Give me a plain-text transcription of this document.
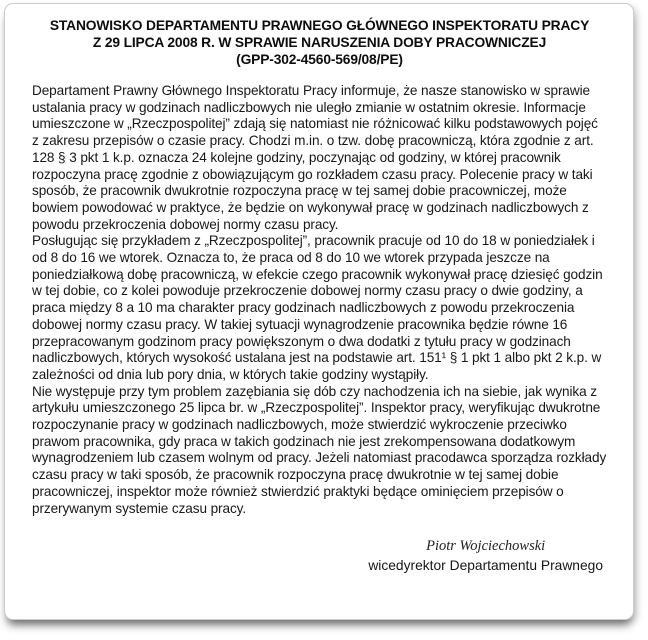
STANOWISKO DEPARTAMENTU PRAWNEGO GŁÓWNEGO INSPEKTORATU PRACY
Z 29 LIPCA 2008 R. W SPRAWIE NARUSZENIA DOBY PRACOWNICZEJ
(GPP-302-4560-569/08/PE)

Departament Prawny Głównego Inspektoratu Pracy informuje, że nasze stanowisko w sprawie ustalania pracy w godzinach nadliczbowych nie uległo zmianie w ostatnim okresie. Informacje umieszczone w „Rzeczpospolitej” zdają się natomiast nie różnicować kilku podstawowych pojęć z zakresu przepisów o czasie pracy. Chodzi m.in. o tzw. dobę pracowniczą, która zgodnie z art. 128 § 3 pkt 1 k.p. oznacza 24 kolejne godziny, poczynając od godziny, w której pracownik rozpoczyna pracę zgodnie z obowiązującym go rozkładem czasu pracy. Polecenie pracy w taki sposób, że pracownik dwukrotnie rozpoczyna pracę w tej samej dobie pracowniczej, może bowiem powodować w praktyce, że będzie on wykonywał pracę w godzinach nadliczbowych z powodu przekroczenia dobowej normy czasu pracy.

Posługując się przykładem z „Rzeczpospolitej”, pracownik pracuje od 10 do 18 w poniedziałek i od 8 do 16 we wtorek. Oznacza to, że praca od 8 do 10 we wtorek przypada jeszcze na poniedziałkową dobę pracowniczą, w efekcie czego pracownik wykonywał pracę dziesięć godzin w tej dobie, co z kolei powoduje przekroczenie dobowej normy czasu pracy o dwie godziny, a praca między 8 a 10 ma charakter pracy godzinach nadliczbowych z powodu przekroczenia dobowej normy czasu pracy. W takiej sytuacji wynagrodzenie pracownika będzie równe 16 przepracowanym godzinom pracy powiększonym o dwa dodatki z tytułu pracy w godzinach nadliczbowych, których wysokość ustalana jest na podstawie art. 151¹ § 1 pkt 1 albo pkt 2 k.p. w zależności od dnia lub pory dnia, w których takie godziny wystąpiły.

Nie występuje przy tym problem zazębiania się dób czy nachodzenia ich na siebie, jak wynika z artykułu umieszczonego 25 lipca br. w „Rzeczpospolitej”. Inspektor pracy, weryfikując dwukrotne rozpoczynanie pracy w godzinach nadliczbowych, może stwierdzić wykroczenie przeciwko prawom pracownika, gdy praca w takich godzinach nie jest zrekompensowana dodatkowym wynagrodzeniem lub czasem wolnym od pracy. Jeżeli natomiast pracodawca sporządza rozkłady czasu pracy w taki sposób, że pracownik rozpoczyna pracę dwukrotnie w tej samej dobie pracowniczej, inspektor może również stwierdzić praktyki będące ominięciem przepisów o przerywanym systemie czasu pracy.

Piotr Wojciechowski
wicedyrektor Departamentu Prawnego
